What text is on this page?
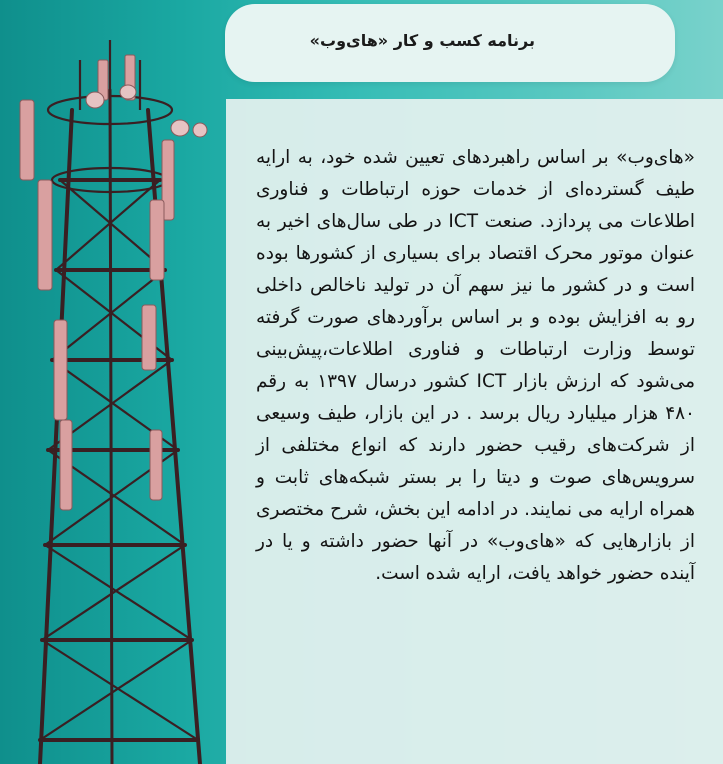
برنامه کسب و کار «های‌وب»

«های‌وب» بر اساس راهبردهای تعیین شده خود، به ارایه طیف گسترده‌ای از خدمات حوزه ارتباطات و فناوری اطلاعات می پردازد. صنعت ICT در طی سال‌های اخیر به عنوان موتور محرک اقتصاد برای بسیاری از کشورها بوده است و در کشور ما نیز سهم آن در تولید ناخالص داخلی رو به افزایش بوده و بر اساس برآوردهای صورت گرفته توسط وزارت ارتباطات و فناوری اطلاعات،پیش‌بینی می‌شود که ارزش بازار ICT کشور درسال ۱۳۹۷ به رقم ۴۸۰ هزار میلیارد ریال برسد . در این بازار، طیف وسیعی از شرکت‌های رقیب حضور دارند که انواع مختلفی از سرویس‌های صوت و دیتا را بر بستر شبکه‌های ثابت و همراه ارایه می نمایند. در ادامه این بخش، شرح مختصری از بازارهایی که «های‌وب» در آنها حضور داشته و یا در آینده حضور خواهد یافت، ارایه شده است.
